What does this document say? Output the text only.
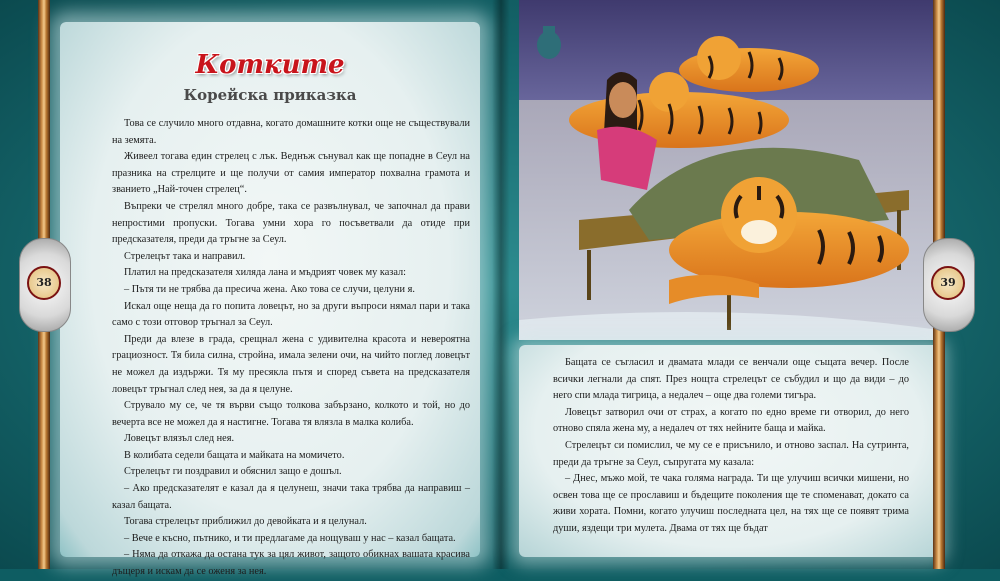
38
Котките
Корейска приказка

Това се случило много отдавна, когато домашните котки още не съществували на земята.

Живеел тогава един стрелец с лък. Веднъж сънувал как ще попадне в Сеул на празника на стрелците и ще получи от самия император похвална грамота и званието „Най-точен стрелец“.

Въпреки че стрелял много добре, така се развълнувал, че започнал да прави непростими пропуски. Тогава умни хора го посъветвали да отиде при предсказателя, преди да тръгне за Сеул.

Стрелецът така и направил.

Платил на предсказателя хиляда лана и мъдрият човек му казал:

– Пътя ти не трябва да пресича жена. Ако това се случи, целуни я.

Искал още неща да го попита ловецът, но за други въпроси нямал пари и така само с този отговор тръгнал за Сеул.

Преди да влезе в града, срещнал жена с удивителна красота и невероятна грациозност. Тя била силна, стройна, имала зелени очи, на чийто поглед ловецът не можел да издържи. Тя му пресякла пътя и според съвета на предсказателя ловецът тръгнал след нея, за да я целуне.

Струвало му се, че тя върви също толкова забързано, колкото и той, но до вечерта все не можел да я настигне. Тогава тя влязла в малка колиба.

Ловецът влязъл след нея.

В колибата седели бащата и майката на момичето.

Стрелецът ги поздравил и обяснил защо е дошъл.

– Ако предсказателят е казал да я целунеш, значи така трябва да направиш – казал бащата.

Тогава стрелецът приближил до девойката и я целунал.

– Вече е късно, пътнико, и ти предлагаме да нощуваш у нас – казал бащата.

– Няма да откажа да остана тук за цял живот, защото обикнах вашата красива дъщеря и искам да се оженя за нея.

39

Бащата се съгласил и двамата млади се венчали още същата вечер. После всички легнали да спят. През нощта стрелецът се събудил и що да види – до него спи млада тигрица, а недалеч – още два големи тигъра.

Ловецът затворил очи от страх, а когато по едно време ги отворил, до него отново спяла жена му, а недалеч от тях нейните баща и майка.

Стрелецът си помислил, че му се е присънило, и отново заспал. На сутринта, преди да тръгне за Сеул, съпругата му казала:

– Днес, мъжо мой, те чака голяма награда. Ти ще улучиш всички мишени, но освен това ще се прославиш и бъдещите поколения ще те споменават, докато са живи хората. Помни, когато улучиш последната цел, на тях ще се появят трима души, яздещи три мулета. Двама от тях ще бъдат
